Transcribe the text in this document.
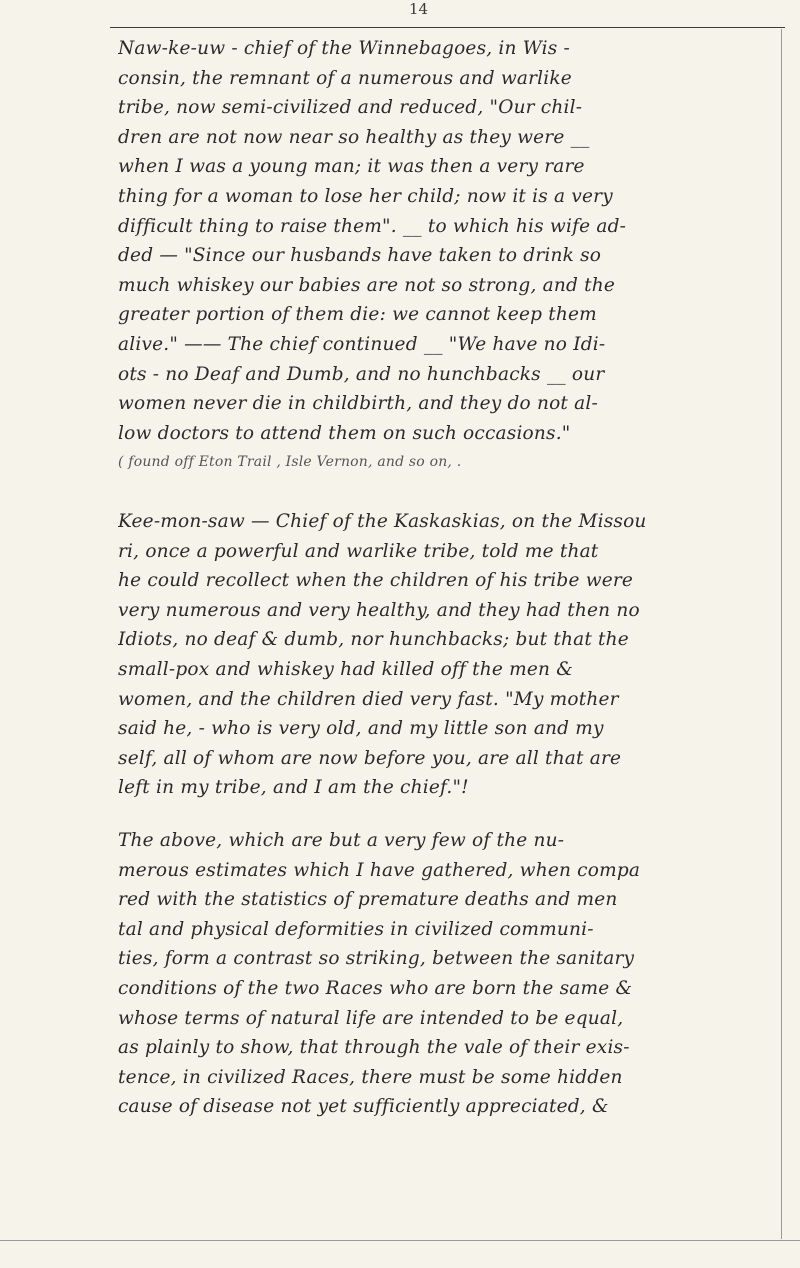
14
Naw-ke-uw - chief of the Winnebagoes, in Wis -
consin, the remnant of a numerous and warlike
tribe, now semi-civilized and reduced, "Our chil-
dren are not now near so healthy as they were __
when I was a young man; it was then a very rare
thing for a woman to lose her child; now it is a very
difficult thing to raise them". __ to which his wife ad-
ded — "Since our husbands have taken to drink so
much whiskey our babies are not so strong, and the
greater portion of them die: we cannot keep them
alive." —— The chief continued __ "We have no Idi-
ots - no Deaf and Dumb, and no hunchbacks __ our
women never die in childbirth, and they do not al-
low doctors to attend them on such occasions."
( found off Eton Trail , Isle Vernon, and so on, .
Kee-mon-saw — Chief of the Kaskaskias, on the Missou
ri, once a powerful and warlike tribe, told me that
he could recollect when the children of his tribe were
very numerous and very healthy, and they had then no
Idiots, no deaf & dumb, nor hunchbacks; but that the
small-pox and whiskey had killed off the men &
women, and the children died very fast. "My mother
said he, - who is very old, and my little son and my
self, all of whom are now before you, are all that are
left in my tribe, and I am the chief."!
The above, which are but a very few of the nu-
merous estimates which I have gathered, when compa
red with the statistics of premature deaths and men
tal and physical deformities in civilized communi-
ties, form a contrast so striking, between the sanitary
conditions of the two Races who are born the same &
whose terms of natural life are intended to be equal,
as plainly to show, that through the vale of their exis-
tence, in civilized Races, there must be some hidden
cause of disease not yet sufficiently appreciated, &
